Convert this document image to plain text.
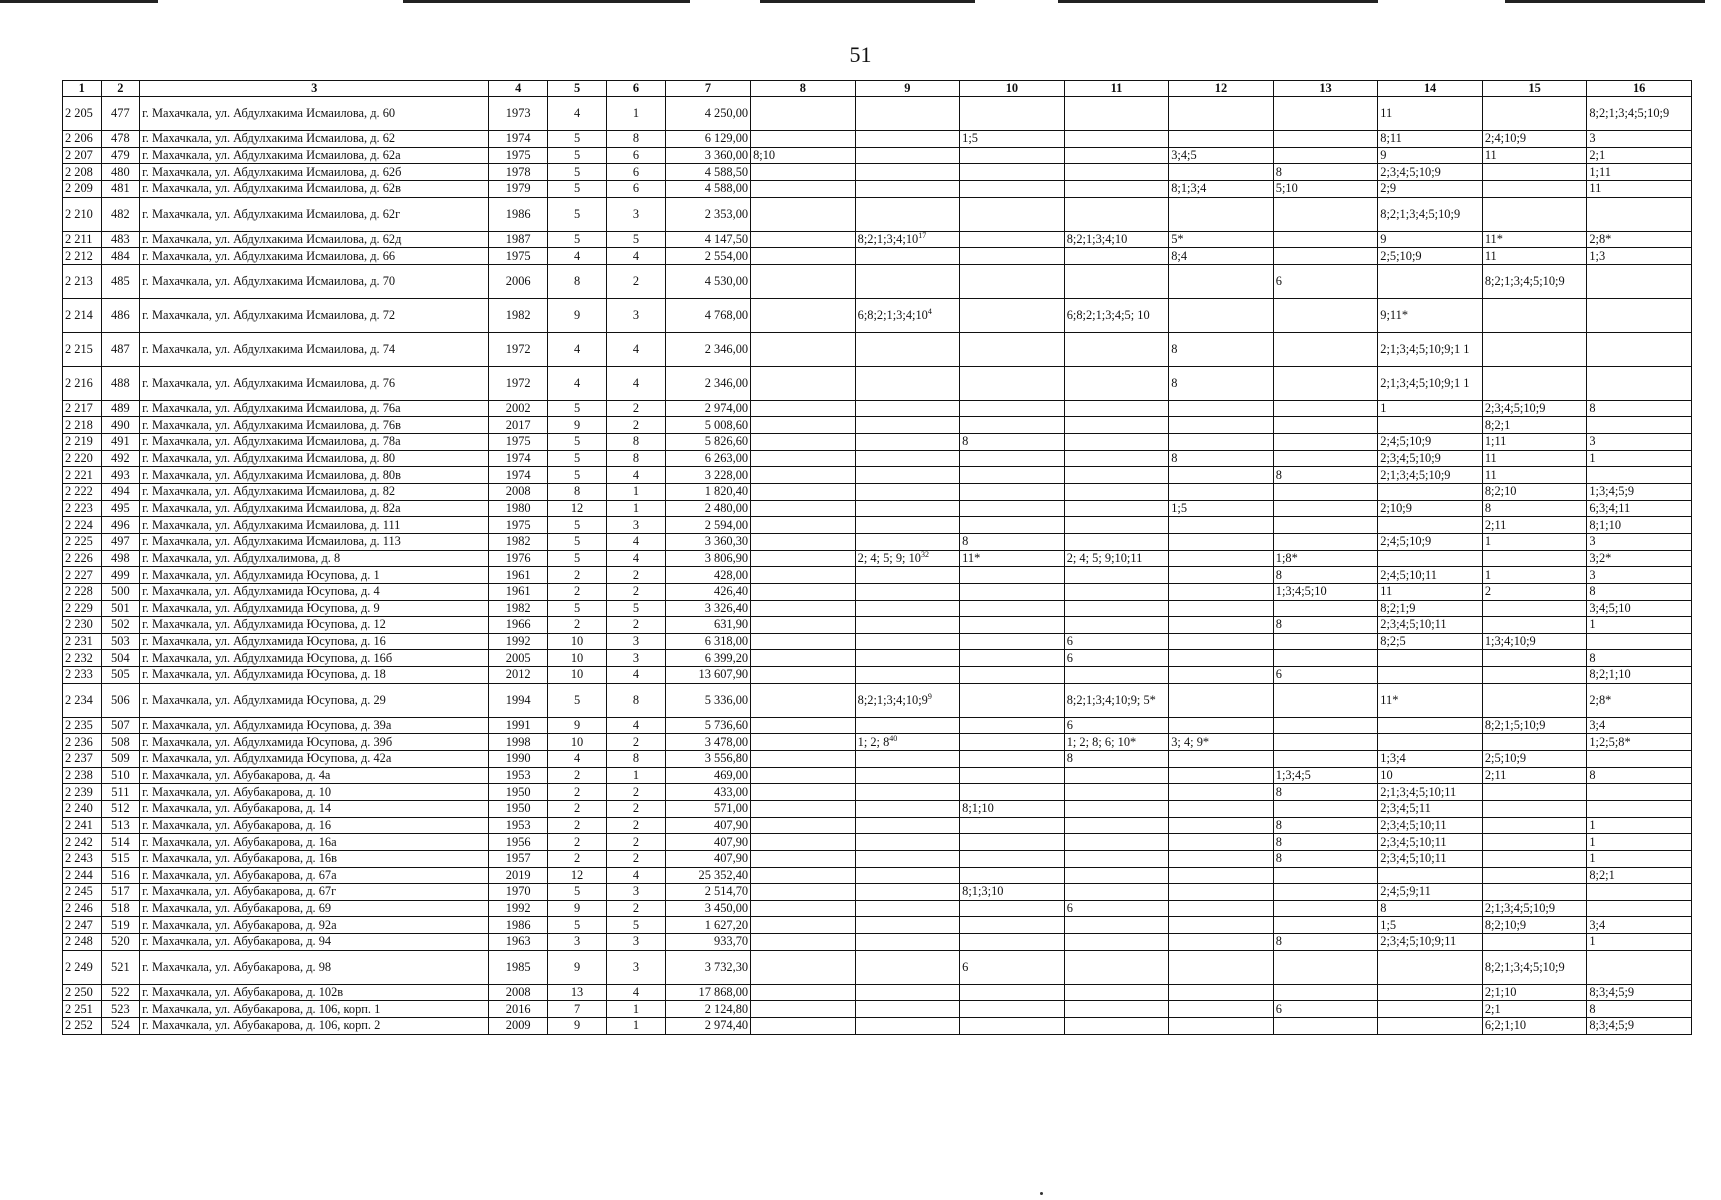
51
1	2	3	4	5	6	7	8	9	10	11	12	13	14	15	16
2 205	477	г. Махачкала, ул. Абдулхакима Исмаилова, д. 60	1973	4	1	4 250,00							11		8;2;1;3;4;5;10;9
2 206	478	г. Махачкала, ул. Абдулхакима Исмаилова, д. 62	1974	5	8	6 129,00			1;5				8;11	2;4;10;9	3
2 207	479	г. Махачкала, ул. Абдулхакима Исмаилова, д. 62а	1975	5	6	3 360,00	8;10				3;4;5		9	11	2;1
2 208	480	г. Махачкала, ул. Абдулхакима Исмаилова, д. 62б	1978	5	6	4 588,50						8	2;3;4;5;10;9		1;11
2 209	481	г. Махачкала, ул. Абдулхакима Исмаилова, д. 62в	1979	5	6	4 588,00					8;1;3;4	5;10	2;9		11
2 210	482	г. Махачкала, ул. Абдулхакима Исмаилова, д. 62г	1986	5	3	2 353,00							8;2;1;3;4;5;10;9		
2 211	483	г. Махачкала, ул. Абдулхакима Исмаилова, д. 62д	1987	5	5	4 147,50		$8;2;1;3;4;10^{17}$		8;2;1;3;4;10	5*		9	11*	2;8*
2 212	484	г. Махачкала, ул. Абдулхакима Исмаилова, д. 66	1975	4	4	2 554,00					8;4		2;5;10;9	11	1;3
2 213	485	г. Махачкала, ул. Абдулхакима Исмаилова, д. 70	2006	8	2	4 530,00						6		8;2;1;3;4;5;10;9	
2 214	486	г. Махачкала, ул. Абдулхакима Исмаилова, д. 72	1982	9	3	4 768,00		$6;8;2;1;3;4;10^4$		6;8;2;1;3;4;5; 10			9;11*		
2 215	487	г. Махачкала, ул. Абдулхакима Исмаилова, д. 74	1972	4	4	2 346,00					8		2;1;3;4;5;10;9;1 1		
2 216	488	г. Махачкала, ул. Абдулхакима Исмаилова, д. 76	1972	4	4	2 346,00					8		2;1;3;4;5;10;9;1 1		
2 217	489	г. Махачкала, ул. Абдулхакима Исмаилова, д. 76а	2002	5	2	2 974,00							1	2;3;4;5;10;9	8
2 218	490	г. Махачкала, ул. Абдулхакима Исмаилова, д. 76в	2017	9	2	5 008,60								8;2;1	
2 219	491	г. Махачкала, ул. Абдулхакима Исмаилова, д. 78а	1975	5	8	5 826,60			8				2;4;5;10;9	1;11	3
2 220	492	г. Махачкала, ул. Абдулхакима Исмаилова, д. 80	1974	5	8	6 263,00					8		2;3;4;5;10;9	11	1
2 221	493	г. Махачкала, ул. Абдулхакима Исмаилова, д. 80в	1974	5	4	3 228,00						8	2;1;3;4;5;10;9	11	
2 222	494	г. Махачкала, ул. Абдулхакима Исмаилова, д. 82	2008	8	1	1 820,40								8;2;10	1;3;4;5;9
2 223	495	г. Махачкала, ул. Абдулхакима Исмаилова, д. 82а	1980	12	1	2 480,00					1;5		2;10;9	8	6;3;4;11
2 224	496	г. Махачкала, ул. Абдулхакима Исмаилова, д. 111	1975	5	3	2 594,00								2;11	8;1;10
2 225	497	г. Махачкала, ул. Абдулхакима Исмаилова, д. 113	1982	5	4	3 360,30			8				2;4;5;10;9	1	3
2 226	498	г. Махачкала, ул. Абдулхалимова, д. 8	1976	5	4	3 806,90		2; 4; 5; 9; $10^{32}$	11*	2; 4; 5; 9;10;11		1;8*			3;2*
2 227	499	г. Махачкала, ул. Абдулхамида Юсупова, д. 1	1961	2	2	428,00						8	2;4;5;10;11	1	3
2 228	500	г. Махачкала, ул. Абдулхамида Юсупова, д. 4	1961	2	2	426,40						1;3;4;5;10	11	2	8
2 229	501	г. Махачкала, ул. Абдулхамида Юсупова, д. 9	1982	5	5	3 326,40							8;2;1;9		3;4;5;10
2 230	502	г. Махачкала, ул. Абдулхамида Юсупова, д. 12	1966	2	2	631,90						8	2;3;4;5;10;11		1
2 231	503	г. Махачкала, ул. Абдулхамида Юсупова, д. 16	1992	10	3	6 318,00				6			8;2;5	1;3;4;10;9	
2 232	504	г. Махачкала, ул. Абдулхамида Юсупова, д. 16б	2005	10	3	6 399,20				6					8
2 233	505	г. Махачкала, ул. Абдулхамида Юсупова, д. 18	2012	10	4	13 607,90						6			8;2;1;10
2 234	506	г. Махачкала, ул. Абдулхамида Юсупова, д. 29	1994	5	8	5 336,00		$8;2;1;3;4;10;9^9$		8;2;1;3;4;10;9; 5*			11*		2;8*
2 235	507	г. Махачкала, ул. Абдулхамида Юсупова, д. 39а	1991	9	4	5 736,60				6				8;2;1;5;10;9	3;4
2 236	508	г. Махачкала, ул. Абдулхамида Юсупова, д. 39б	1998	10	2	3 478,00		1; 2; $8^{40}$		1; 2; 8; 6; 10*	3; 4; 9*				1;2;5;8*
2 237	509	г. Махачкала, ул. Абдулхамида Юсупова, д. 42а	1990	4	8	3 556,80				8			1;3;4	2;5;10;9	
2 238	510	г. Махачкала, ул. Абубакарова, д. 4а	1953	2	1	469,00						1;3;4;5	10	2;11	8
2 239	511	г. Махачкала, ул. Абубакарова, д. 10	1950	2	2	433,00						8	2;1;3;4;5;10;11		
2 240	512	г. Махачкала, ул. Абубакарова, д. 14	1950	2	2	571,00			8;1;10				2;3;4;5;11		
2 241	513	г. Махачкала, ул. Абубакарова, д. 16	1953	2	2	407,90						8	2;3;4;5;10;11		1
2 242	514	г. Махачкала, ул. Абубакарова, д. 16а	1956	2	2	407,90						8	2;3;4;5;10;11		1
2 243	515	г. Махачкала, ул. Абубакарова, д. 16в	1957	2	2	407,90						8	2;3;4;5;10;11		1
2 244	516	г. Махачкала, ул. Абубакарова, д. 67а	2019	12	4	25 352,40									8;2;1
2 245	517	г. Махачкала, ул. Абубакарова, д. 67г	1970	5	3	2 514,70			8;1;3;10				2;4;5;9;11		
2 246	518	г. Махачкала, ул. Абубакарова, д. 69	1992	9	2	3 450,00				6			8	2;1;3;4;5;10;9	
2 247	519	г. Махачкала, ул. Абубакарова, д. 92а	1986	5	5	1 627,20							1;5	8;2;10;9	3;4
2 248	520	г. Махачкала, ул. Абубакарова, д. 94	1963	3	3	933,70						8	2;3;4;5;10;9;11		1
2 249	521	г. Махачкала, ул. Абубакарова, д. 98	1985	9	3	3 732,30			6					8;2;1;3;4;5;10;9	
2 250	522	г. Махачкала, ул. Абубакарова, д. 102в	2008	13	4	17 868,00								2;1;10	8;3;4;5;9
2 251	523	г. Махачкала, ул. Абубакарова, д. 106, корп. 1	2016	7	1	2 124,80						6		2;1	8
2 252	524	г. Махачкала, ул. Абубакарова, д. 106, корп. 2	2009	9	1	2 974,40								6;2;1;10	8;3;4;5;9
